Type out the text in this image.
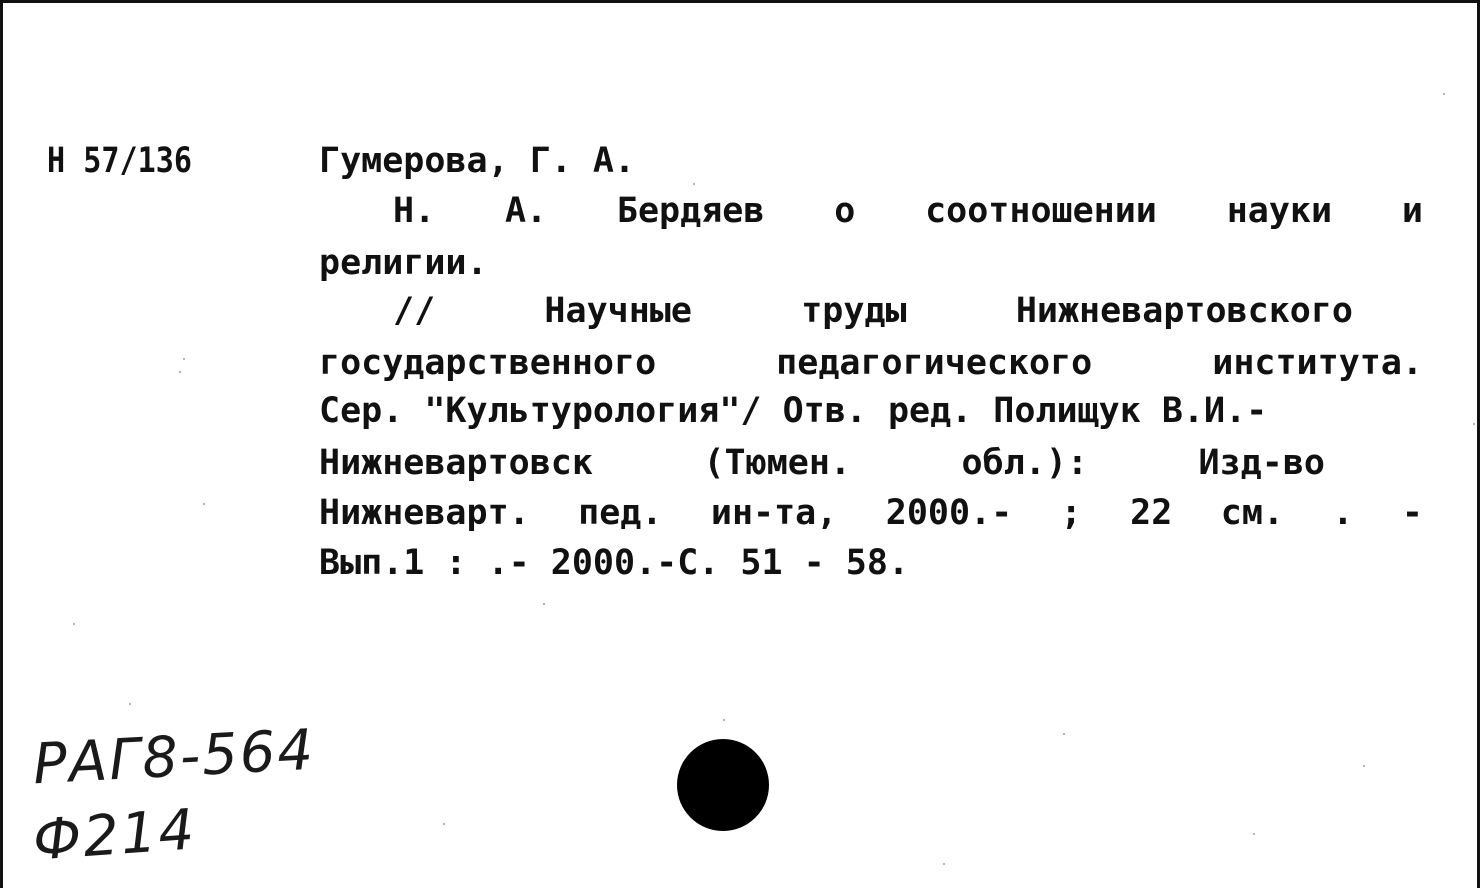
Н 57/136	Гумерова, Г. А.
Н. А. Бердяев о соотношении науки и
религии.
//	Научные	труды	Нижневартовского
государственного	педагогического	института.
Сер. "Культурология"/ Отв. ред. Полищук В.И.-
Нижневартовск	(Тюмен.	обл.):	Изд-во
Нижневарт. пед. ин-та, 2000.- ; 22 см. . -
Вып.1 : .- 2000.-С. 51 - 58.
РАГ8-564
Ф214
